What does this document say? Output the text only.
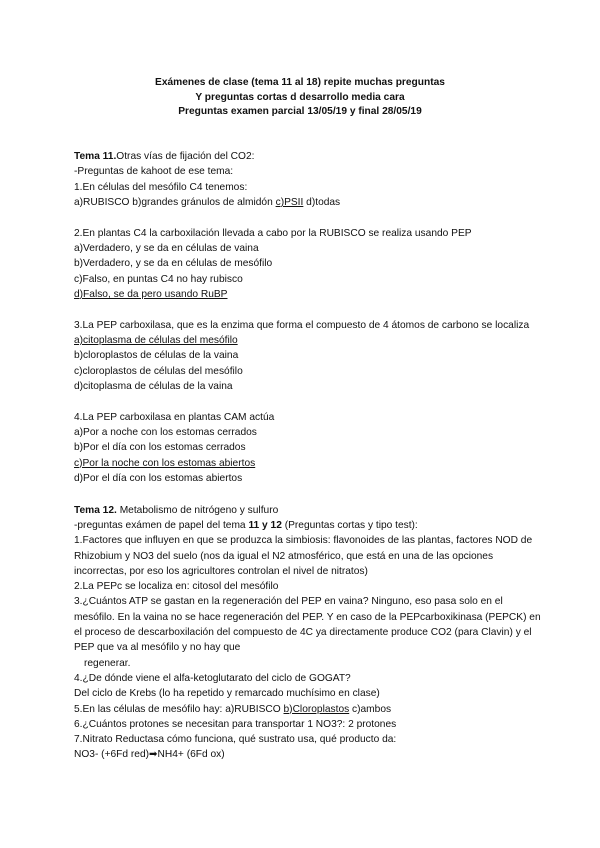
Exámenes de clase (tema 11 al 18) repite muchas preguntas
Y preguntas cortas d desarrollo media cara
Preguntas examen parcial 13/05/19 y final 28/05/19
Tema 11.Otras vías de fijación del CO2:
-Preguntas de kahoot de ese tema:
1.En células del mesófilo C4 tenemos:
a)RUBISCO b)grandes gránulos de almidón c)PSII d)todas
2.En plantas C4 la carboxilación llevada a cabo por la RUBISCO se realiza usando PEP
a)Verdadero, y se da en células de vaina
b)Verdadero, y se da en células de mesófilo
c)Falso, en puntas C4 no hay rubisco
d)Falso, se da pero usando RuBP
3.La PEP carboxilasa, que es la enzima que forma el compuesto de 4 átomos de carbono se localiza
a)citoplasma de células del mesófilo
b)cloroplastos de células de la vaina
c)cloroplastos de células del mesófilo
d)citoplasma de células de la vaina
4.La PEP carboxilasa en plantas CAM actúa
a)Por a noche con los estomas cerrados
b)Por el día con los estomas cerrados
c)Por la noche con los estomas abiertos
d)Por el día con los estomas abiertos
Tema 12. Metabolismo de nitrógeno y sulfuro
-preguntas exámen de papel del tema 11 y 12 (Preguntas cortas y tipo test):
1.Factores que influyen en que se produzca la simbiosis: flavonoides de las plantas, factores NOD de Rhizobium y NO3 del suelo (nos da igual el N2 atmosférico, que está en una de las opciones incorrectas, por eso los agricultores controlan el nivel de nitratos)
2.La PEPc se localiza en: citosol del mesófilo
3.¿Cuántos ATP se gastan en la regeneración del PEP en vaina? Ninguno, eso pasa solo en el mesófilo. En la vaina no se hace regeneración del PEP. Y en caso de la PEPcarboxikinasa (PEPCK) en el proceso de descarboxilación del compuesto de 4C ya directamente produce CO2 (para Clavin) y el PEP que va al mesófilo y no hay que
regenerar.
4.¿De dónde viene el alfa-ketoglutarato del ciclo de GOGAT?
Del ciclo de Krebs (lo ha repetido y remarcado muchísimo en clase)
5.En las células de mesófilo hay: a)RUBISCO b)Cloroplastos c)ambos
6.¿Cuántos protones se necesitan para transportar 1 NO3?: 2 protones
7.Nitrato Reductasa cómo funciona, qué sustrato usa, qué producto da:
NO3- (+6Fd red)➡NH4+ (6Fd ox)
